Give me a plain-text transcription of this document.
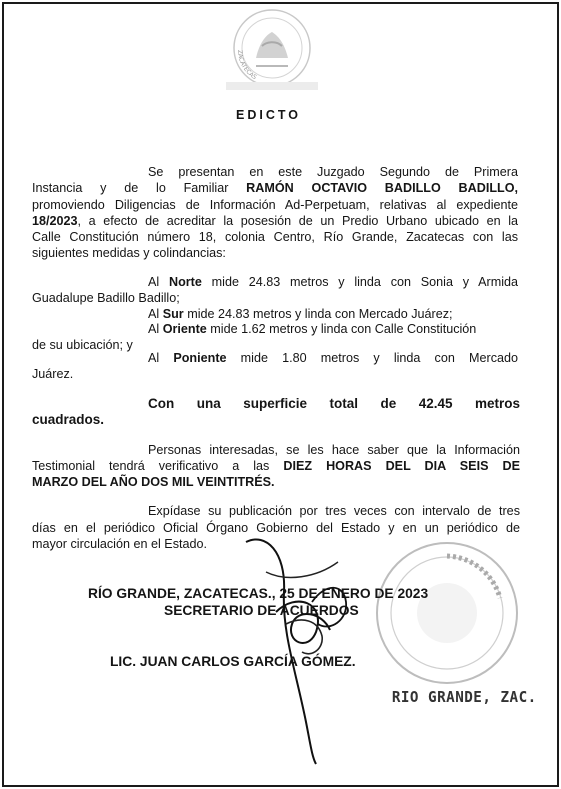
ZACATECAS
EDICTO
Se presentan en este Juzgado Segundo de Primera
Instancia y de lo Familiar RAMÓN OCTAVIO BADILLO BADILLO,
promoviendo Diligencias de Información Ad-Perpetuam, relativas al expediente
18/2023, a efecto de acreditar la posesión de un Predio Urbano ubicado en la
Calle Constitución número 18, colonia Centro, Río Grande, Zacatecas con las
siguientes medidas y colindancias:
Al Norte mide 24.83 metros y linda con Sonia y Armida
Guadalupe Badillo Badillo;
Al Sur mide 24.83 metros y linda con Mercado Juárez;
Al Oriente mide 1.62 metros y linda con Calle Constitución
de su ubicación; y
Al Poniente mide 1.80 metros y linda con Mercado
Juárez.
Con una superficie total de 42.45 metros
cuadrados.
Personas interesadas, se les hace saber que la Información
Testimonial tendrá verificativo a las DIEZ HORAS DEL DIA SEIS DE
MARZO DEL AÑO DOS MIL VEINTITRÉS.
Expídase su publicación por tres veces con intervalo de tres
días en el periódico Oficial Órgano Gobierno del Estado y en un periódico de
mayor circulación en el Estado.
RÍO GRANDE, ZACATECAS., 25 DE ENERO DE 2023
SECRETARIO DE ACUERDOS
LIC. JUAN CARLOS GARCÍA GÓMEZ.
RIO GRANDE, ZAC.
